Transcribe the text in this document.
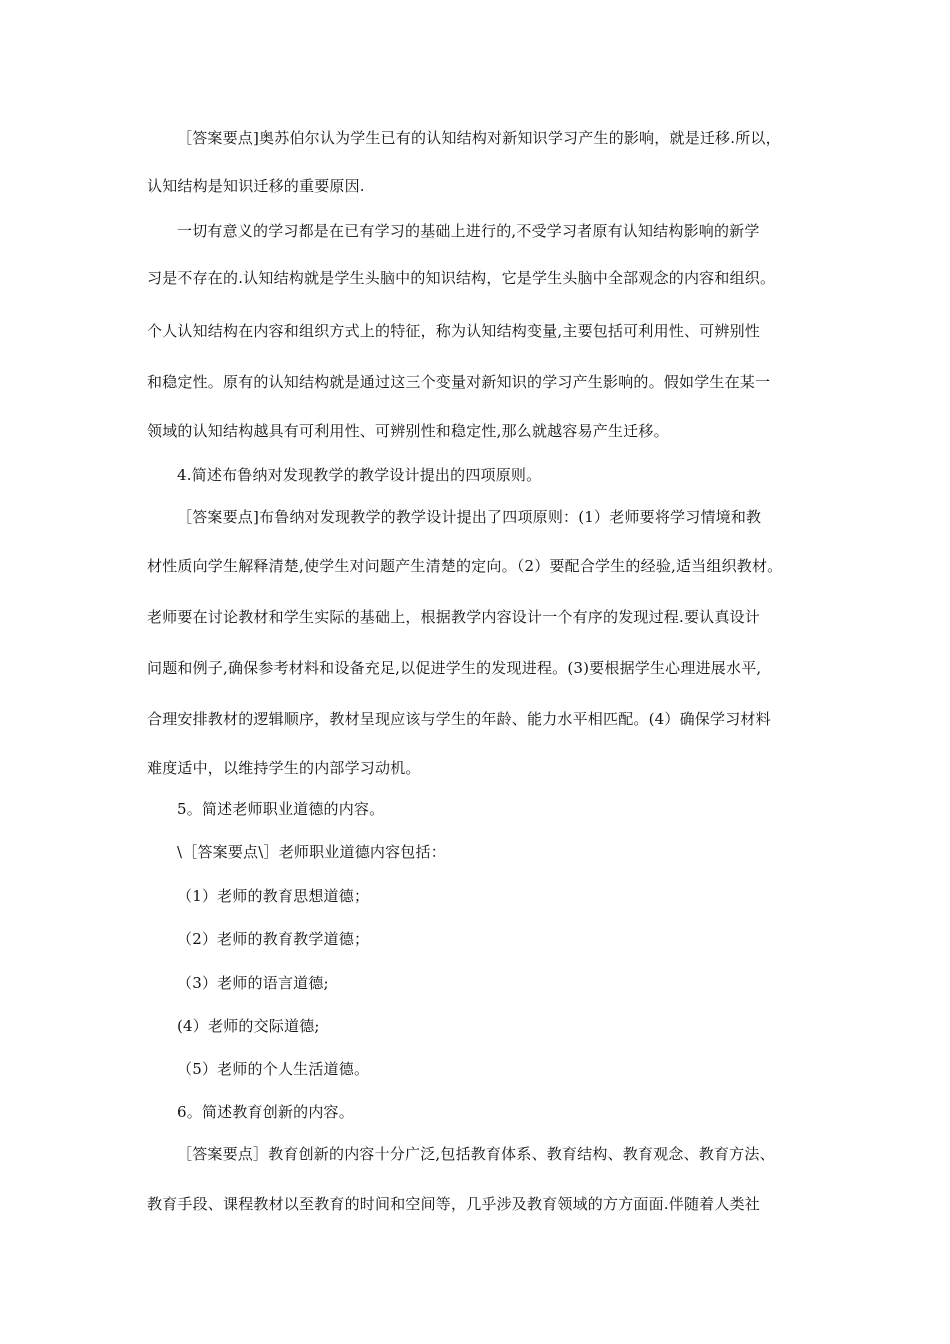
［答案要点]奥苏伯尔认为学生已有的认知结构对新知识学习产生的影响，就是迁移.所以，
认知结构是知识迁移的重要原因.
一切有意义的学习都是在已有学习的基础上进行的,不受学习者原有认知结构影响的新学
习是不存在的.认知结构就是学生头脑中的知识结构，它是学生头脑中全部观念的内容和组织。
个人认知结构在内容和组织方式上的特征，称为认知结构变量,主要包括可利用性、可辨别性
和稳定性。原有的认知结构就是通过这三个变量对新知识的学习产生影响的。假如学生在某一
领域的认知结构越具有可利用性、可辨别性和稳定性,那么就越容易产生迁移。
4.简述布鲁纳对发现教学的教学设计提出的四项原则。
［答案要点]布鲁纳对发现教学的教学设计提出了四项原则：(1）老师要将学习情境和教
材性质向学生解释清楚,使学生对问题产生清楚的定向。（2）要配合学生的经验,适当组织教材。
老师要在讨论教材和学生实际的基础上，根据教学内容设计一个有序的发现过程.要认真设计
问题和例子,确保参考材料和设备充足,以促进学生的发现进程。(3)要根据学生心理进展水平,
合理安排教材的逻辑顺序，教材呈现应该与学生的年龄、能力水平相匹配。(4）确保学习材料
难度适中，以维持学生的内部学习动机。
5。简述老师职业道德的内容。
\［答案要点\］老师职业道德内容包括：
（1）老师的教育思想道德；
（2）老师的教育教学道德；
（3）老师的语言道德;
(4）老师的交际道德;
（5）老师的个人生活道德。
6。简述教育创新的内容。
［答案要点］教育创新的内容十分广泛,包括教育体系、教育结构、教育观念、教育方法、
教育手段、课程教材以至教育的时间和空间等，几乎涉及教育领域的方方面面.伴随着人类社
